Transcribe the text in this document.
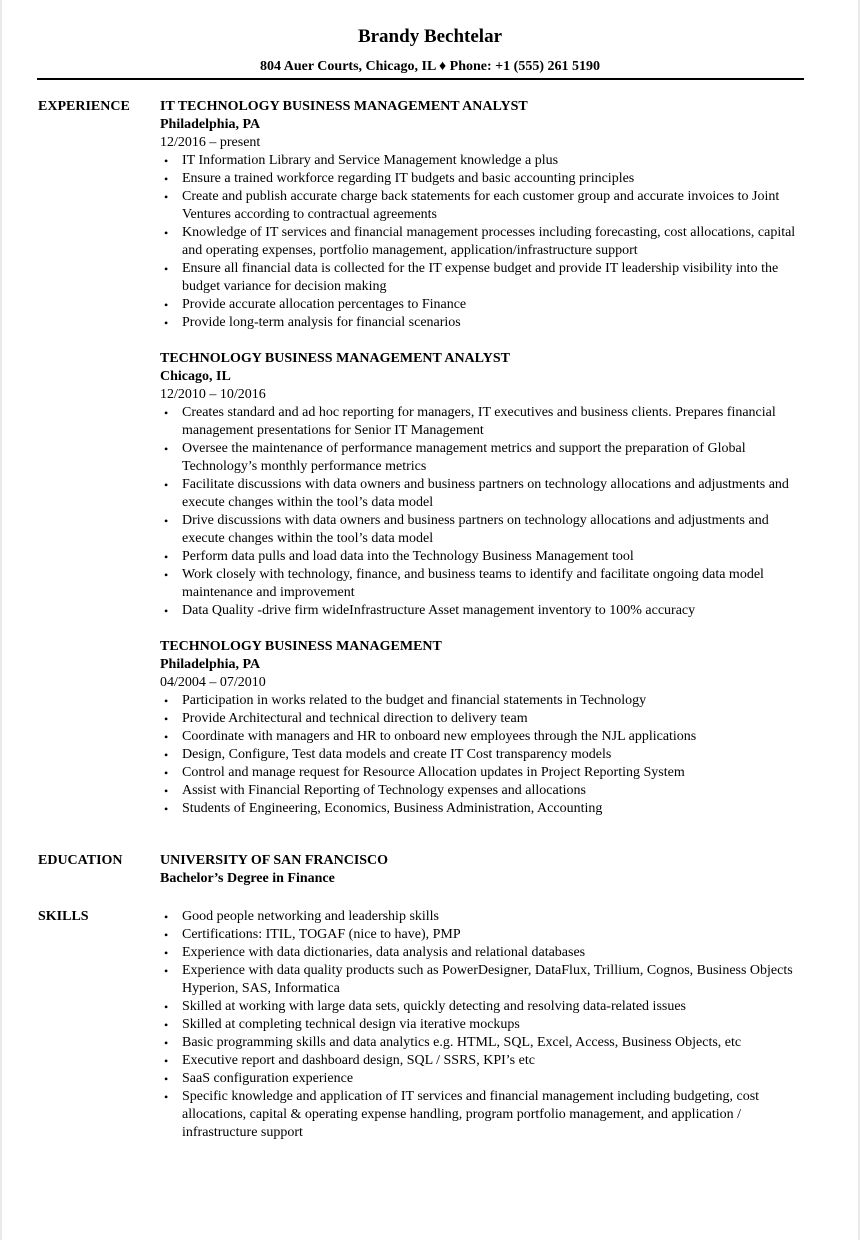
Brandy Bechtelar
804 Auer Courts, Chicago, IL ♦ Phone: +1 (555) 261 5190
EXPERIENCE IT TECHNOLOGY BUSINESS MANAGEMENT ANALYST
Philadelphia, PA
12/2016 – present
• IT Information Library and Service Management knowledge a plus
• Ensure a trained workforce regarding IT budgets and basic accounting principles
• Create and publish accurate charge back statements for each customer group and accurate invoices to Joint Ventures according to contractual agreements
• Knowledge of IT services and financial management processes including forecasting, cost allocations, capital and operating expenses, portfolio management, application/infrastructure support
• Ensure all financial data is collected for the IT expense budget and provide IT leadership visibility into the budget variance for decision making
• Provide accurate allocation percentages to Finance
• Provide long-term analysis for financial scenarios
TECHNOLOGY BUSINESS MANAGEMENT ANALYST
Chicago, IL
12/2010 – 10/2016
• Creates standard and ad hoc reporting for managers, IT executives and business clients. Prepares financial management presentations for Senior IT Management
• Oversee the maintenance of performance management metrics and support the preparation of Global Technology’s monthly performance metrics
• Facilitate discussions with data owners and business partners on technology allocations and adjustments and execute changes within the tool’s data model
• Drive discussions with data owners and business partners on technology allocations and adjustments and execute changes within the tool’s data model
• Perform data pulls and load data into the Technology Business Management tool
• Work closely with technology, finance, and business teams to identify and facilitate ongoing data model maintenance and improvement
• Data Quality -drive firm wideInfrastructure Asset management inventory to 100% accuracy
TECHNOLOGY BUSINESS MANAGEMENT
Philadelphia, PA
04/2004 – 07/2010
• Participation in works related to the budget and financial statements in Technology
• Provide Architectural and technical direction to delivery team
• Coordinate with managers and HR to onboard new employees through the NJL applications
• Design, Configure, Test data models and create IT Cost transparency models
• Control and manage request for Resource Allocation updates in Project Reporting System
• Assist with Financial Reporting of Technology expenses and allocations
• Students of Engineering, Economics, Business Administration, Accounting
EDUCATION	UNIVERSITY OF SAN FRANCISCO
Bachelor’s Degree in Finance
SKILLS	• Good people networking and leadership skills
• Certifications: ITIL, TOGAF (nice to have), PMP
• Experience with data dictionaries, data analysis and relational databases
• Experience with data quality products such as PowerDesigner, DataFlux, Trillium, Cognos, Business Objects Hyperion, SAS, Informatica
• Skilled at working with large data sets, quickly detecting and resolving data-related issues
• Skilled at completing technical design via iterative mockups
• Basic programming skills and data analytics e.g. HTML, SQL, Excel, Access, Business Objects, etc
• Executive report and dashboard design, SQL / SSRS, KPI’s etc
• SaaS configuration experience
• Specific knowledge and application of IT services and financial management including budgeting, cost allocations, capital & operating expense handling, program portfolio management, and application / infrastructure support
